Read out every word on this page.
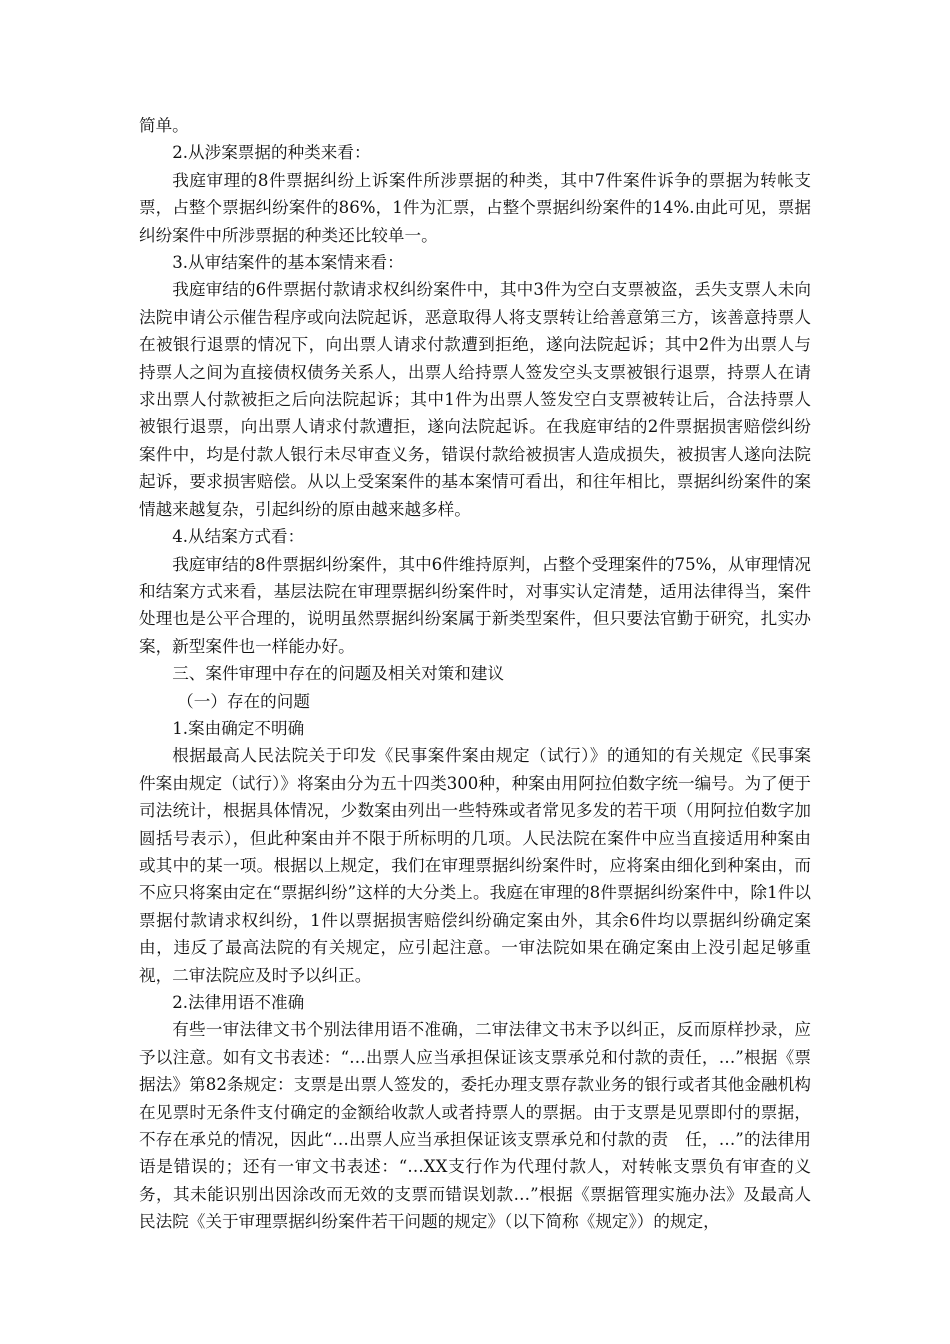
简单。

2.从涉案票据的种类来看：

我庭审理的8件票据纠纷上诉案件所涉票据的种类，其中7件案件诉争的票据为转帐支票，占整个票据纠纷案件的86%，1件为汇票，占整个票据纠纷案件的14%.由此可见，票据纠纷案件中所涉票据的种类还比较单一。

3.从审结案件的基本案情来看：

我庭审结的6件票据付款请求权纠纷案件中，其中3件为空白支票被盗，丢失支票人未向法院申请公示催告程序或向法院起诉，恶意取得人将支票转让给善意第三方，该善意持票人在被银行退票的情况下，向出票人请求付款遭到拒绝，遂向法院起诉；其中2件为出票人与持票人之间为直接债权债务关系人，出票人给持票人签发空头支票被银行退票，持票人在请求出票人付款被拒之后向法院起诉；其中1件为出票人签发空白支票被转让后，合法持票人被银行退票，向出票人请求付款遭拒，遂向法院起诉。在我庭审结的2件票据损害赔偿纠纷案件中，均是付款人银行未尽审查义务，错误付款给被损害人造成损失，被损害人遂向法院起诉，要求损害赔偿。从以上受案案件的基本案情可看出，和往年相比，票据纠纷案件的案情越来越复杂，引起纠纷的原由越来越多样。

4.从结案方式看：

我庭审结的8件票据纠纷案件，其中6件维持原判，占整个受理案件的75%，从审理情况和结案方式来看，基层法院在审理票据纠纷案件时，对事实认定清楚，适用法律得当，案件处理也是公平合理的，说明虽然票据纠纷案属于新类型案件，但只要法官勤于研究，扎实办案，新型案件也一样能办好。

三、案件审理中存在的问题及相关对策和建议

（一）存在的问题

1.案由确定不明确

根据最高人民法院关于印发《民事案件案由规定（试行）》的通知的有关规定《民事案件案由规定（试行）》将案由分为五十四类300种，种案由用阿拉伯数字统一编号。为了便于司法统计，根据具体情况，少数案由列出一些特殊或者常见多发的若干项（用阿拉伯数字加圆括号表示），但此种案由并不限于所标明的几项。人民法院在案件中应当直接适用种案由或其中的某一项。根据以上规定，我们在审理票据纠纷案件时，应将案由细化到种案由，而不应只将案由定在“票据纠纷”这样的大分类上。我庭在审理的8件票据纠纷案件中，除1件以票据付款请求权纠纷，1件以票据损害赔偿纠纷确定案由外，其余6件均以票据纠纷确定案由，违反了最高法院的有关规定，应引起注意。一审法院如果在确定案由上没引起足够重视，二审法院应及时予以纠正。

2.法律用语不准确

有些一审法律文书个别法律用语不准确，二审法律文书末予以纠正，反而原样抄录，应予以注意。如有文书表述：“…出票人应当承担保证该支票承兑和付款的责任，…”根据《票据法》第82条规定：支票是出票人签发的，委托办理支票存款业务的银行或者其他金融机构在见票时无条件支付确定的金额给收款人或者持票人的票据。由于支票是见票即付的票据，不存在承兑的情况，因此“…出票人应当承担保证该支票承兑和付款的责　任，…”的法律用语是错误的；还有一审文书表述：“…XX支行作为代理付款人，对转帐支票负有审查的义务，其未能识别出因涂改而无效的支票而错误划款…”根据《票据管理实施办法》及最高人民法院《关于审理票据纠纷案件若干问题的规定》（以下简称《规定》）的规定，
